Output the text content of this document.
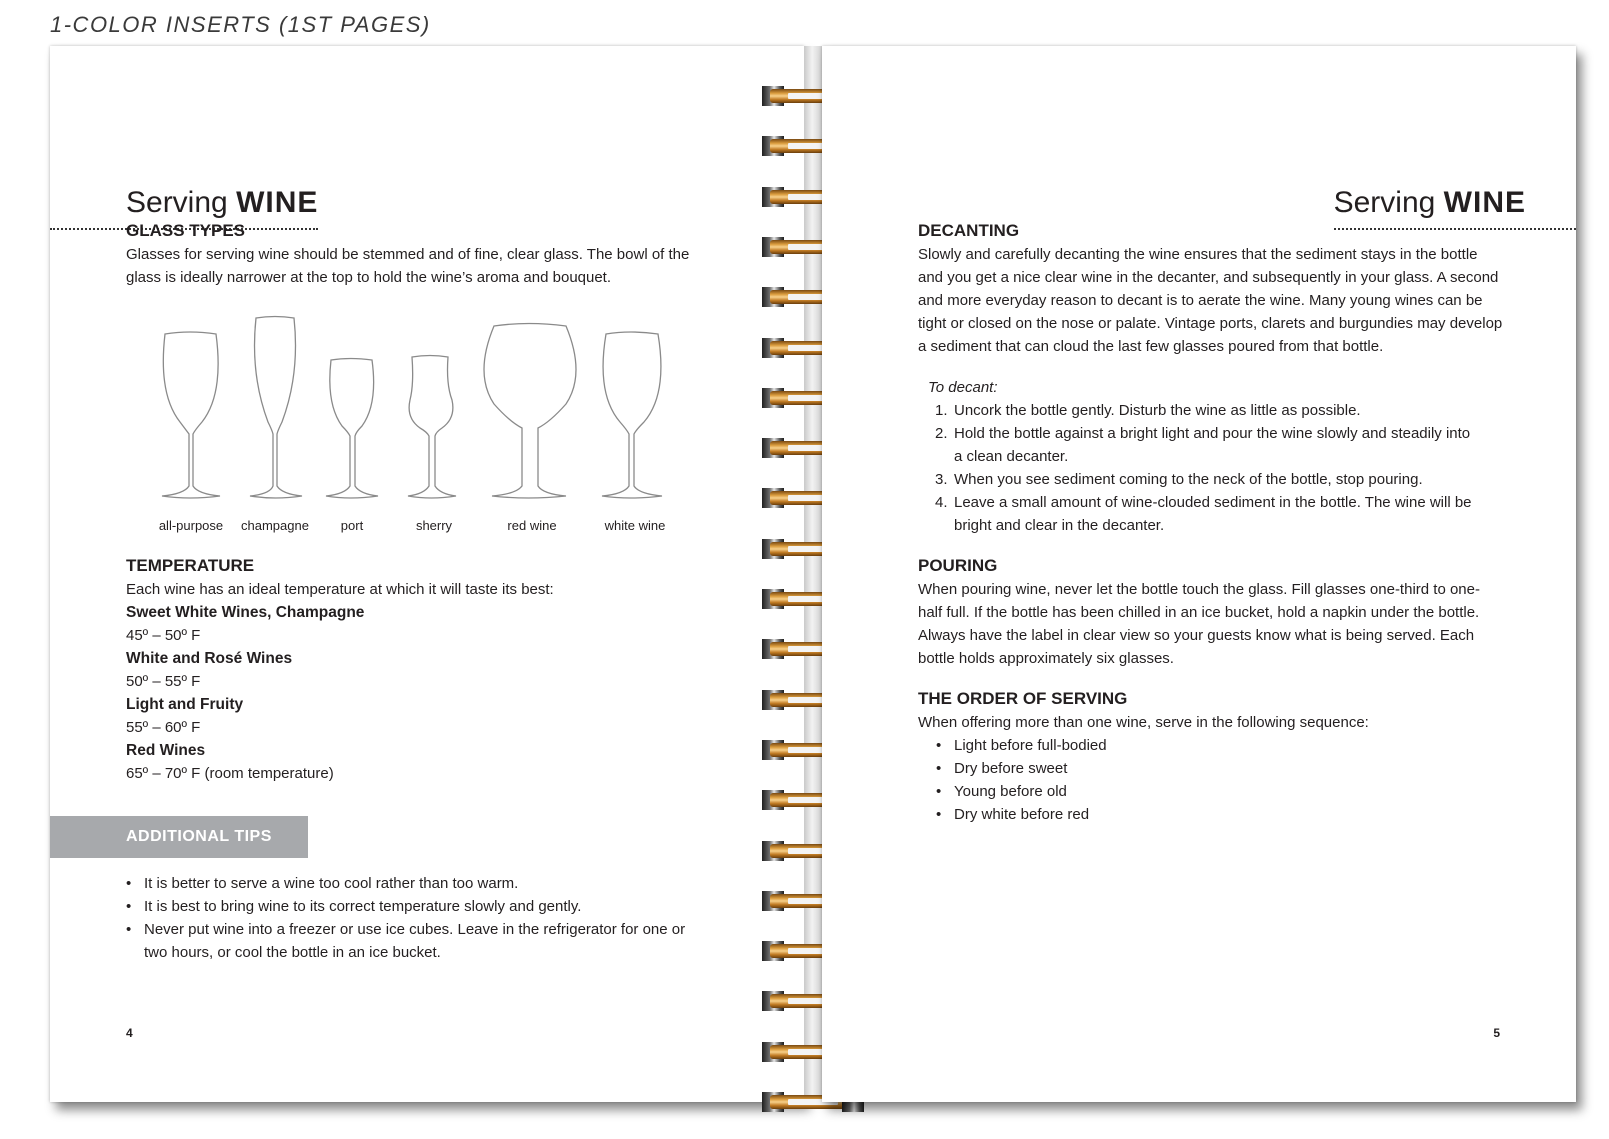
1-COLOR INSERTS (1ST PAGES)
Serving WINE
GLASS TYPES
Glasses for serving wine should be stemmed and of fine, clear glass. The bowl of the glass is ideally narrower at the top to hold the wine’s aroma and bouquet.
all-purpose	champagne	port	sherry	red wine	white wine
TEMPERATURE
Each wine has an ideal temperature at which it will taste its best:
Sweet White Wines, Champagne
45º – 50º F
White and Rosé Wines
50º – 55º F
Light and Fruity
55º – 60º F
Red Wines
65º – 70º F (room temperature)
ADDITIONAL TIPS
• It is better to serve a wine too cool rather than too warm.
• It is best to bring wine to its correct temperature slowly and gently.
• Never put wine into a freezer or use ice cubes. Leave in the refrigerator for one or two hours, or cool the bottle in an ice bucket.
4
Serving WINE
DECANTING
Slowly and carefully decanting the wine ensures that the sediment stays in the bottle and you get a nice clear wine in the decanter, and subsequently in your glass. A second and more everyday reason to decant is to aerate the wine. Many young wines can be tight or closed on the nose or palate. Vintage ports, clarets and burgundies may develop a sediment that can cloud the last few glasses poured from that bottle.
To decant:
1. Uncork the bottle gently. Disturb the wine as little as possible.
2. Hold the bottle against a bright light and pour the wine slowly and steadily into a clean decanter.
3. When you see sediment coming to the neck of the bottle, stop pouring.
4. Leave a small amount of wine-clouded sediment in the bottle. The wine will be bright and clear in the decanter.
POURING
When pouring wine, never let the bottle touch the glass. Fill glasses one-third to one-half full. If the bottle has been chilled in an ice bucket, hold a napkin under the bottle. Always have the label in clear view so your guests know what is being served. Each bottle holds approximately six glasses.
THE ORDER OF SERVING
When offering more than one wine, serve in the following sequence:
• Light before full-bodied
• Dry before sweet
• Young before old
• Dry white before red
5
